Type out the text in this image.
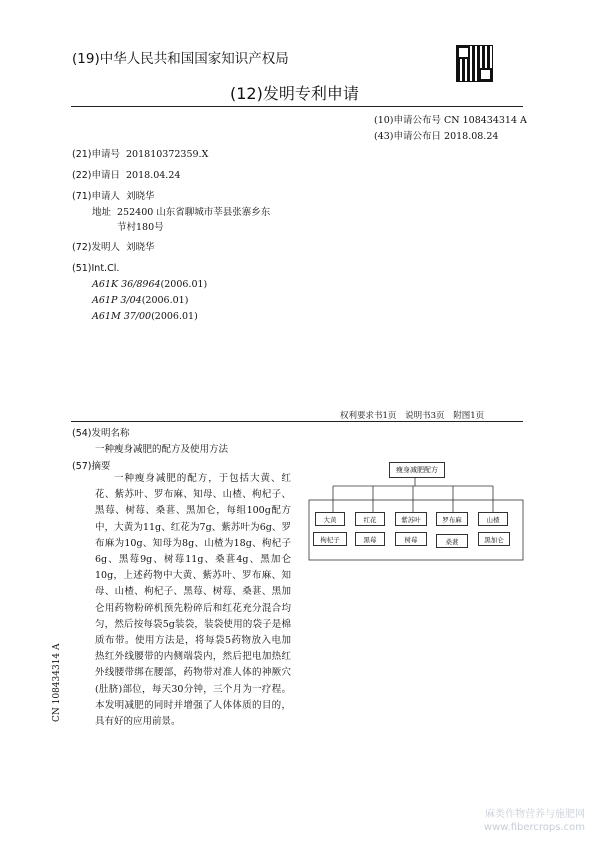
(19)中华人民共和国国家知识产权局
(12)发明专利申请
(10)申请公布号 CN 108434314 A
(43)申请公布日 2018.08.24
(21)申请号 201810372359.X
(22)申请日 2018.04.24
(71)申请人 刘晓华
地址 252400 山东省聊城市莘县张寨乡东
节村180号
(72)发明人 刘晓华
(51)Int.Cl.
A61K 36/8964(2006.01)
A61P 3/04(2006.01)
A61M 37/00(2006.01)
权利要求书1页 说明书3页 附图1页
(54)发明名称
一种瘦身减肥的配方及使用方法
(57)摘要

一种瘦身减肥的配方，于包括大黄、红花、紫苏叶、罗布麻、知母、山楂、枸杞子、黑莓、树莓、桑葚、黑加仑，每组100g配方中，大黄为11g、红花为7g、紫苏叶为6g、罗布麻为10g、知母为8g、山楂为18g、枸杞子6g、黑莓9g、树莓11g、桑葚4g、黑加仑10g，上述药物中大黄、紫苏叶、罗布麻、知母、山楂、枸杞子、黑莓、树莓、桑葚、黑加仑用药物粉碎机预先粉碎后和红花充分混合均匀，然后按每袋5g装袋，装袋使用的袋子是棉质布带。使用方法是，将每袋5药物放入电加热红外线腰带的内侧端袋内，然后把电加热红外线腰带绑在腰部，药物带对准人体的神厥穴(肚脐)部位，每天30分钟，三个月为一疗程。本发明减肥的同时并增强了人体体质的目的，具有好的应用前景。

瘦身减肥配方
大黄	红花	紫苏叶	罗布麻	山楂
枸杞子	黑莓	树莓	桑葚	黑加仑
CN 108434314 A
麻类作物营养与施肥网
www.fibercrops.com
